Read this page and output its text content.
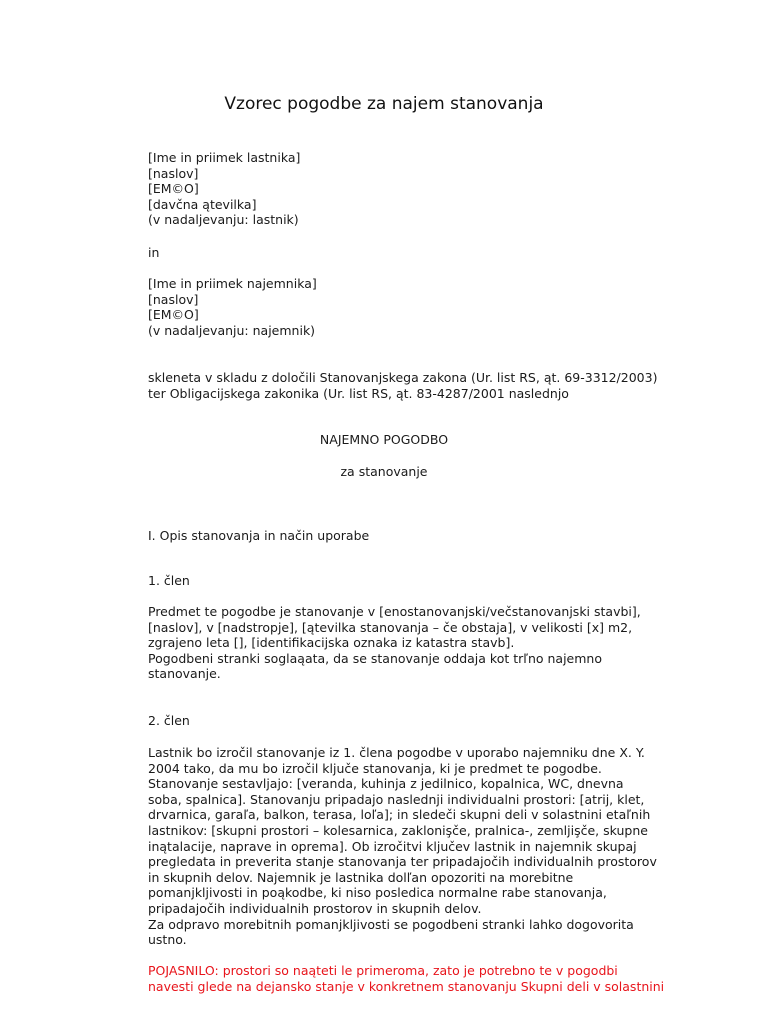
Vzorec pogodbe za najem stanovanja
[Ime in priimek lastnika]
[naslov]
[EM©O]
[davčna ątevilka]
(v nadaljevanju: lastnik)
in
[Ime in priimek najemnika]
[naslov]
[EM©O]
(v nadaljevanju: najemnik)
skleneta v skladu z določili Stanovanjskega zakona (Ur. list RS, ąt. 69-3312/2003)
ter Obligacijskega zakonika (Ur. list RS, ąt. 83-4287/2001 naslednjo
NAJEMNO POGODBO
za stanovanje
I. Opis stanovanja in način uporabe
1. člen
Predmet te pogodbe je stanovanje v [enostanovanjski/večstanovanjski stavbi],
[naslov], v [nadstropje], [ątevilka stanovanja – če obstaja], v velikosti [x] m2,
zgrajeno leta [], [identifikacijska oznaka iz katastra stavb].
Pogodbeni stranki soglaąata, da se stanovanje oddaja kot trľno najemno
stanovanje.
2. člen
Lastnik bo izročil stanovanje iz 1. člena pogodbe v uporabo najemniku dne X. Y.
2004 tako, da mu bo izročil ključe stanovanja, ki je predmet te pogodbe.
Stanovanje sestavljajo: [veranda, kuhinja z jedilnico, kopalnica, WC, dnevna
soba, spalnica]. Stanovanju pripadajo naslednji individualni prostori: [atrij, klet,
drvarnica, garaľa, balkon, terasa, loľa]; in sledeči skupni deli v solastnini etaľnih
lastnikov: [skupni prostori – kolesarnica, zaklonişče, pralnica-, zemljişče, skupne
inątalacije, naprave in oprema]. Ob izročitvi ključev lastnik in najemnik skupaj
pregledata in preverita stanje stanovanja ter pripadajočih individualnih prostorov
in skupnih delov. Najemnik je lastnika dolľan opozoriti na morebitne
pomanjkljivosti in poąkodbe, ki niso posledica normalne rabe stanovanja,
pripadajočih individualnih prostorov in skupnih delov.
Za odpravo morebitnih pomanjkljivosti se pogodbeni stranki lahko dogovorita
ustno.
POJASNILO: prostori so naąteti le primeroma, zato je potrebno te v pogodbi
navesti glede na dejansko stanje v konkretnem stanovanju Skupni deli v solastnini
